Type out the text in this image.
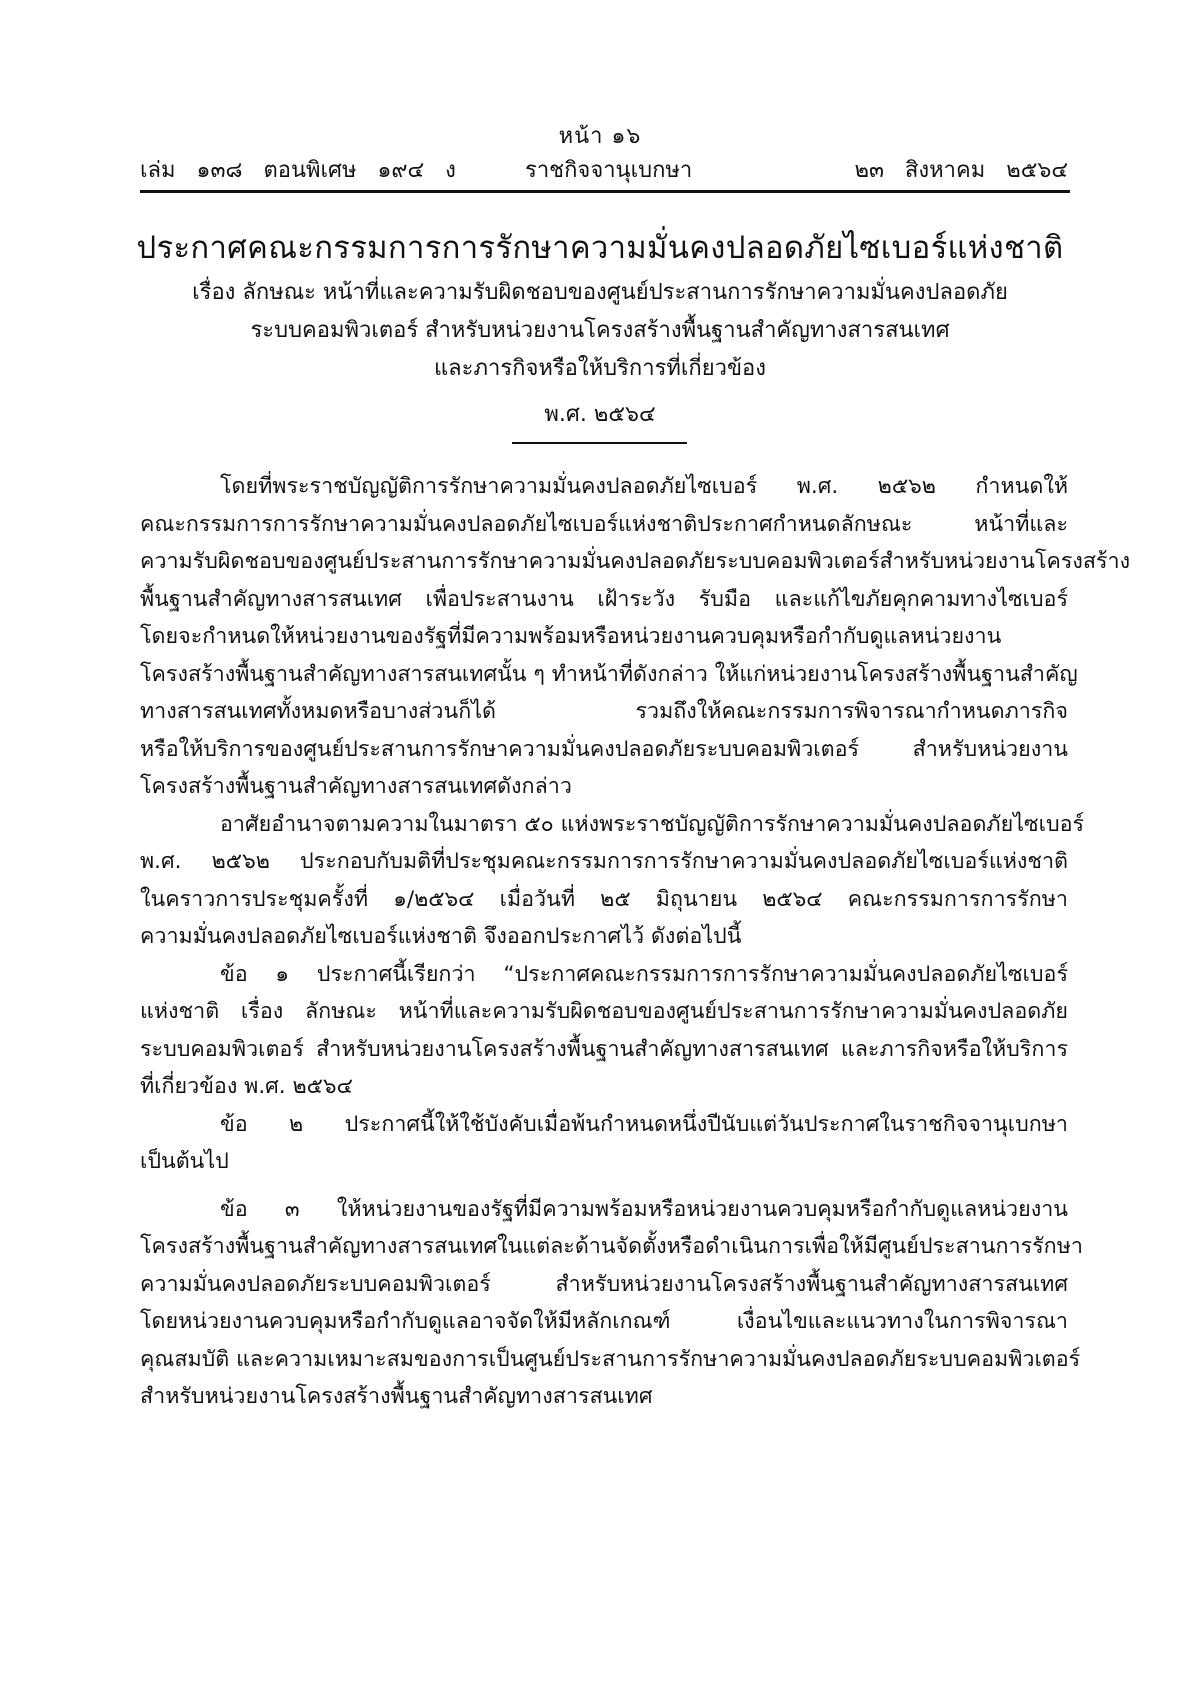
หน้า ๑๖
เล่ม   ๑๓๘   ตอนพิเศษ   ๑๙๔   ง	ราชกิจจานุเบกษา	๒๓   สิงหาคม   ๒๕๖๔
ประกาศคณะกรรมการการรักษาความมั่นคงปลอดภัยไซเบอร์แห่งชาติ
เรื่อง ลักษณะ หน้าที่และความรับผิดชอบของศูนย์ประสานการรักษาความมั่นคงปลอดภัย
ระบบคอมพิวเตอร์ สำหรับหน่วยงานโครงสร้างพื้นฐานสำคัญทางสารสนเทศ
และภารกิจหรือให้บริการที่เกี่ยวข้อง
พ.ศ. ๒๕๖๔
โดยที่พระราชบัญญัติการรักษาความมั่นคงปลอดภัยไซเบอร์ พ.ศ. ๒๕๖๒ กำหนดให้
คณะกรรมการการรักษาความมั่นคงปลอดภัยไซเบอร์แห่งชาติประกาศกำหนดลักษณะ หน้าที่และ
ความรับผิดชอบของศูนย์ประสานการรักษาความมั่นคงปลอดภัยระบบคอมพิวเตอร์สำหรับหน่วยงานโครงสร้าง
พื้นฐานสำคัญทางสารสนเทศ เพื่อประสานงาน เฝ้าระวัง รับมือ และแก้ไขภัยคุกคามทางไซเบอร์
โดยจะกำหนดให้หน่วยงานของรัฐที่มีความพร้อมหรือหน่วยงานควบคุมหรือกำกับดูแลหน่วยงาน
โครงสร้างพื้นฐานสำคัญทางสารสนเทศนั้น ๆ ทำหน้าที่ดังกล่าว ให้แก่หน่วยงานโครงสร้างพื้นฐานสำคัญ
ทางสารสนเทศทั้งหมดหรือบางส่วนก็ได้ รวมถึงให้คณะกรรมการพิจารณากำหนดภารกิจ
หรือให้บริการของศูนย์ประสานการรักษาความมั่นคงปลอดภัยระบบคอมพิวเตอร์ สำหรับหน่วยงาน
โครงสร้างพื้นฐานสำคัญทางสารสนเทศดังกล่าว
อาศัยอำนาจตามความในมาตรา ๕๐ แห่งพระราชบัญญัติการรักษาความมั่นคงปลอดภัยไซเบอร์
พ.ศ. ๒๕๖๒ ประกอบกับมติที่ประชุมคณะกรรมการการรักษาความมั่นคงปลอดภัยไซเบอร์แห่งชาติ
ในคราวการประชุมครั้งที่ ๑/๒๕๖๔ เมื่อวันที่ ๒๕ มิถุนายน ๒๕๖๔ คณะกรรมการการรักษา
ความมั่นคงปลอดภัยไซเบอร์แห่งชาติ จึงออกประกาศไว้ ดังต่อไปนี้
ข้อ ๑ ประกาศนี้เรียกว่า “ประกาศคณะกรรมการการรักษาความมั่นคงปลอดภัยไซเบอร์
แห่งชาติ เรื่อง ลักษณะ หน้าที่และความรับผิดชอบของศูนย์ประสานการรักษาความมั่นคงปลอดภัย
ระบบคอมพิวเตอร์ สำหรับหน่วยงานโครงสร้างพื้นฐานสำคัญทางสารสนเทศ และภารกิจหรือให้บริการ
ที่เกี่ยวข้อง พ.ศ. ๒๕๖๔
ข้อ ๒ ประกาศนี้ให้ใช้บังคับเมื่อพ้นกำหนดหนึ่งปีนับแต่วันประกาศในราชกิจจานุเบกษา
เป็นต้นไป
ข้อ ๓ ให้หน่วยงานของรัฐที่มีความพร้อมหรือหน่วยงานควบคุมหรือกำกับดูแลหน่วยงาน
โครงสร้างพื้นฐานสำคัญทางสารสนเทศในแต่ละด้านจัดตั้งหรือดำเนินการเพื่อให้มีศูนย์ประสานการรักษา
ความมั่นคงปลอดภัยระบบคอมพิวเตอร์ สำหรับหน่วยงานโครงสร้างพื้นฐานสำคัญทางสารสนเทศ
โดยหน่วยงานควบคุมหรือกำกับดูแลอาจจัดให้มีหลักเกณฑ์ เงื่อนไขและแนวทางในการพิจารณา
คุณสมบัติ และความเหมาะสมของการเป็นศูนย์ประสานการรักษาความมั่นคงปลอดภัยระบบคอมพิวเตอร์
สำหรับหน่วยงานโครงสร้างพื้นฐานสำคัญทางสารสนเทศ
